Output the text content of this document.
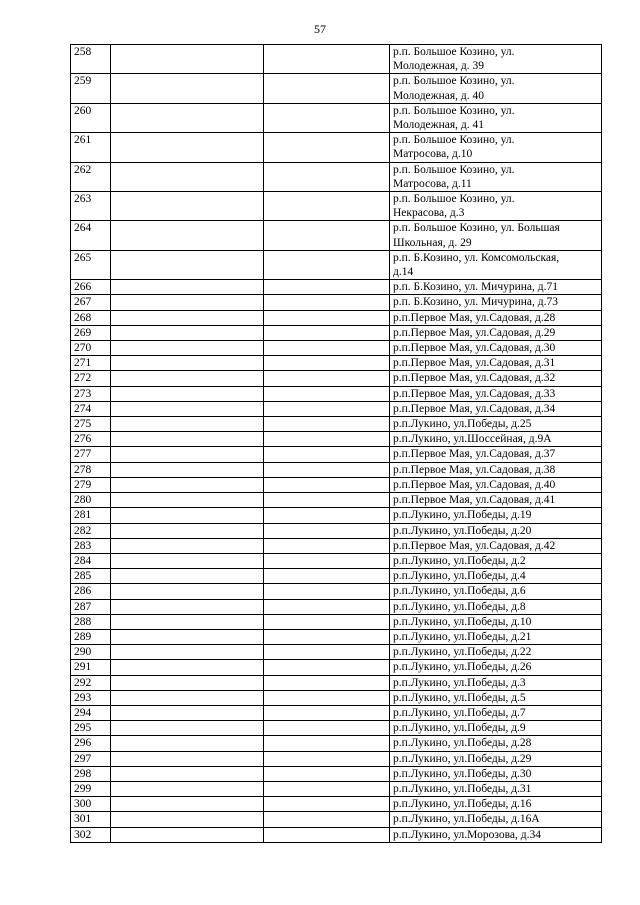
57
258			р.п. Большое Козино, ул.
Молодежная, д. 39

259			р.п. Большое Козино, ул.
Молодежная, д. 40

260			р.п. Большое Козино, ул.
Молодежная, д. 41

261			р.п. Большое Козино, ул.
Матросова, д.10

262			р.п. Большое Козино, ул.
Матросова, д.11

263			р.п. Большое Козино, ул.
Некрасова, д.3

264			р.п. Большое Козино, ул. Большая
Школьная, д. 29

265			р.п. Б.Козино, ул. Комсомольская,
д.14

266			р.п. Б.Козино, ул. Мичурина, д.71

267			р.п. Б.Козино, ул. Мичурина, д.73

268			р.п.Первое Мая, ул.Садовая, д.28

269			р.п.Первое Мая, ул.Садовая, д.29

270			р.п.Первое Мая, ул.Садовая, д.30

271			р.п.Первое Мая, ул.Садовая, д.31

272			р.п.Первое Мая, ул.Садовая, д.32

273			р.п.Первое Мая, ул.Садовая, д.33

274			р.п.Первое Мая, ул.Садовая, д.34

275			р.п.Лукино, ул.Победы, д.25

276			р.п.Лукино, ул.Шоссейная, д.9А

277			р.п.Первое Мая, ул.Садовая, д.37

278			р.п.Первое Мая, ул.Садовая, д.38

279			р.п.Первое Мая, ул.Садовая, д.40

280			р.п.Первое Мая, ул.Садовая, д.41

281			р.п.Лукино, ул.Победы, д.19

282			р.п.Лукино, ул.Победы, д.20

283			р.п.Первое Мая, ул.Садовая, д.42

284			р.п.Лукино, ул.Победы, д.2

285			р.п.Лукино, ул.Победы, д.4

286			р.п.Лукино, ул.Победы, д.6

287			р.п.Лукино, ул.Победы, д.8

288			р.п.Лукино, ул.Победы, д.10

289			р.п.Лукино, ул.Победы, д.21

290			р.п.Лукино, ул.Победы, д.22

291			р.п.Лукино, ул.Победы, д.26

292			р.п.Лукино, ул.Победы, д.3

293			р.п.Лукино, ул.Победы, д.5

294			р.п.Лукино, ул.Победы, д.7

295			р.п.Лукино, ул.Победы, д.9

296			р.п.Лукино, ул.Победы, д.28

297			р.п.Лукино, ул.Победы, д.29

298			р.п.Лукино, ул.Победы, д.30

299			р.п.Лукино, ул.Победы, д.31

300			р.п.Лукино, ул.Победы, д.16

301			р.п.Лукино, ул.Победы, д.16А

302			р.п.Лукино, ул.Морозова, д.34
